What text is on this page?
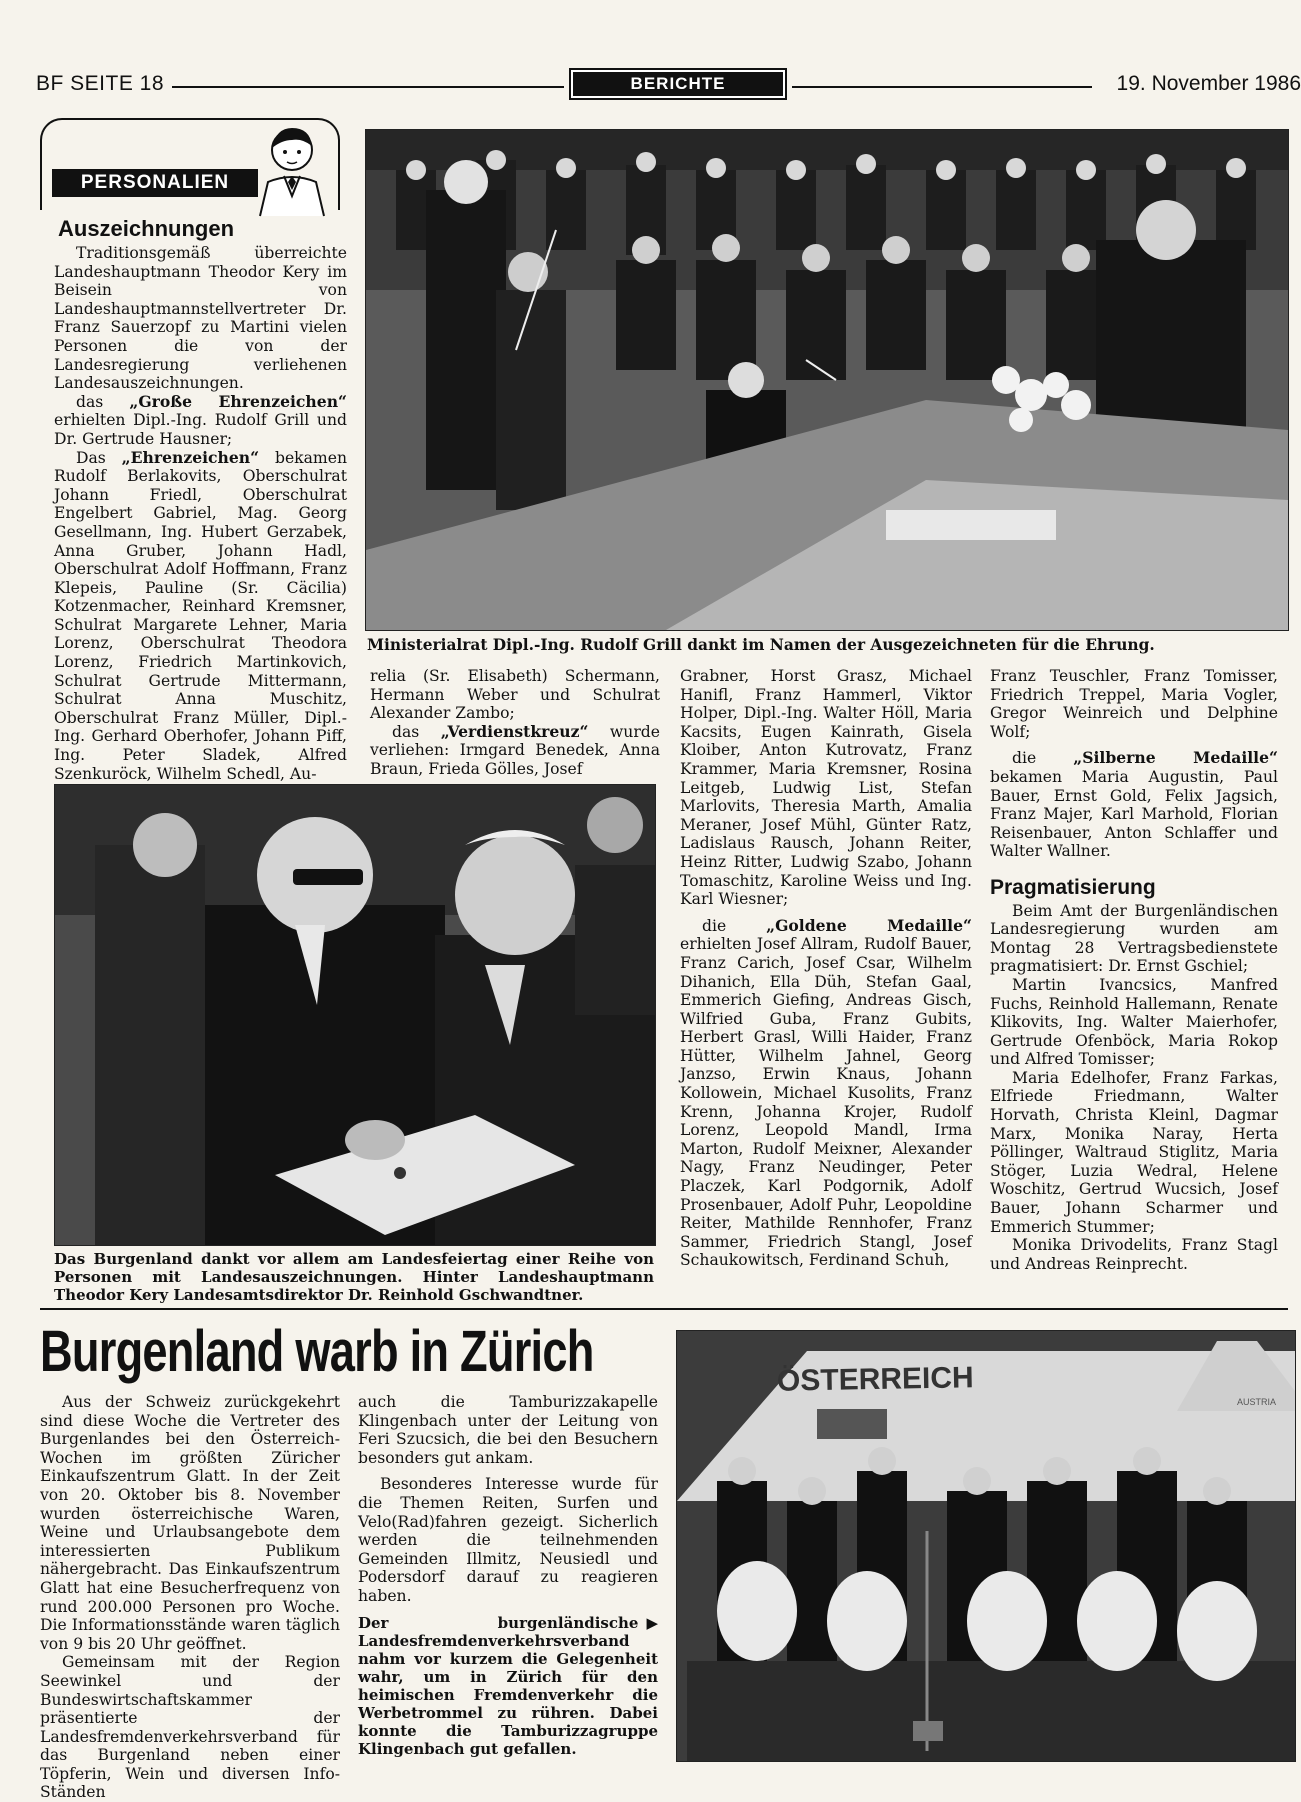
BF SEITE 18	BERICHTE	19. November 1986
PERSONALIEN
Auszeichnungen

Traditionsgemäß überreichte Landeshauptmann Theodor Kery im Beisein von Landeshauptmannstellvertreter Dr. Franz Sauerzopf zu Martini vielen Personen die von der Landesregierung verliehenen Landesauszeichnungen.

das „Große Ehrenzeichen“ erhielten Dipl.-Ing. Rudolf Grill und Dr. Gertrude Hausner;

Das „Ehrenzeichen“ bekamen Rudolf Berlakovits, Oberschulrat Johann Friedl, Oberschulrat Engelbert Gabriel, Mag. Georg Gesellmann, Ing. Hubert Gerzabek, Anna Gruber, Johann Hadl, Oberschulrat Adolf Hoffmann, Franz Klepeis, Pauline (Sr. Cäcilia) Kotzenmacher, Reinhard Kremsner, Schulrat Margarete Lehner, Maria Lorenz, Oberschulrat Theodora Lorenz, Friedrich Martinkovich, Schulrat Gertrude Mittermann, Schulrat Anna Muschitz, Oberschulrat Franz Müller, Dipl.-Ing. Gerhard Oberhofer, Johann Piff, Ing. Peter Sladek, Alfred Szenkuröck, Wilhelm Schedl, Au-

Ministerialrat Dipl.-Ing. Rudolf Grill dankt im Namen der Ausgezeichneten für die Ehrung.

relia (Sr. Elisabeth) Schermann, Hermann Weber und Schulrat Alexander Zambo;

das „Verdienstkreuz“ wurde verliehen: Irmgard Benedek, Anna Braun, Frieda Gölles, Josef

Grabner, Horst Grasz, Michael Hanifl, Franz Hammerl, Viktor Holper, Dipl.-Ing. Walter Höll, Maria Kacsits, Eugen Kainrath, Gisela Kloiber, Anton Kutrovatz, Franz Krammer, Maria Kremsner, Rosina Leitgeb, Ludwig List, Stefan Marlovits, Theresia Marth, Amalia Meraner, Josef Mühl, Günter Ratz, Ladislaus Rausch, Johann Reiter, Heinz Ritter, Ludwig Szabo, Johann Tomaschitz, Karoline Weiss und Ing. Karl Wiesner;

die „Goldene Medaille“ erhielten Josef Allram, Rudolf Bauer, Franz Carich, Josef Csar, Wilhelm Dihanich, Ella Düh, Stefan Gaal, Emmerich Giefing, Andreas Gisch, Wilfried Guba, Franz Gubits, Herbert Grasl, Willi Haider, Franz Hütter, Wilhelm Jahnel, Georg Janzso, Erwin Knaus, Johann Kollowein, Michael Kusolits, Franz Krenn, Johanna Krojer, Rudolf Lorenz, Leopold Mandl, Irma Marton, Rudolf Meixner, Alexander Nagy, Franz Neudinger, Peter Placzek, Karl Podgornik, Adolf Prosenbauer, Adolf Puhr, Leopoldine Reiter, Mathilde Rennhofer, Franz Sammer, Friedrich Stangl, Josef Schaukowitsch, Ferdinand Schuh,

Franz Teuschler, Franz Tomisser, Friedrich Treppel, Maria Vogler, Gregor Weinreich und Delphine Wolf;

die „Silberne Medaille“ bekamen Maria Augustin, Paul Bauer, Ernst Gold, Felix Jagsich, Franz Majer, Karl Marhold, Florian Reisenbauer, Anton Schlaffer und Walter Wallner.

Pragmatisierung

Beim Amt der Burgenländischen Landesregierung wurden am Montag 28 Vertragsbedienstete pragmatisiert: Dr. Ernst Gschiel;

Martin Ivancsics, Manfred Fuchs, Reinhold Hallemann, Renate Klikovits, Ing. Walter Maierhofer, Gertrude Ofenböck, Maria Rokop und Alfred Tomisser;

Maria Edelhofer, Franz Farkas, Elfriede Friedmann, Walter Horvath, Christa Kleinl, Dagmar Marx, Monika Naray, Herta Pöllinger, Waltraud Stiglitz, Maria Stöger, Luzia Wedral, Helene Woschitz, Gertrud Wucsich, Josef Bauer, Johann Scharmer und Emmerich Stummer;

Monika Drivodelits, Franz Stagl und Andreas Reinprecht.

Das Burgenland dankt vor allem am Landesfeiertag einer Reihe von Personen mit Landesauszeichnungen. Hinter Landeshauptmann Theodor Kery Landesamtsdirektor Dr. Reinhold Gschwandtner.
Burgenland warb in Zürich

Aus der Schweiz zurückgekehrt sind diese Woche die Vertreter des Burgenlandes bei den Österreich-Wochen im größten Züricher Einkaufszentrum Glatt. In der Zeit von 20. Oktober bis 8. November wurden österreichische Waren, Weine und Urlaubsangebote dem interessierten Publikum nähergebracht. Das Einkaufszentrum Glatt hat eine Besucherfrequenz von rund 200.000 Personen pro Woche. Die Informationsstände waren täglich von 9 bis 20 Uhr geöffnet.

Gemeinsam mit der Region Seewinkel und der Bundeswirtschaftskammer präsentierte der Landesfremdenverkehrsverband für das Burgenland neben einer Töpferin, Wein und diversen Info-Ständen

auch die Tamburizzakapelle Klingenbach unter der Leitung von Feri Szucsich, die bei den Besuchern besonders gut ankam.

Besonderes Interesse wurde für die Themen Reiten, Surfen und Velo(Rad)fahren gezeigt. Sicherlich werden die teilnehmenden Gemeinden Illmitz, Neusiedl und Podersdorf darauf zu reagieren haben.

▶
Der burgenländische Landesfremdenverkehrsverband nahm vor kurzem die Gelegenheit wahr, um in Zürich für den heimischen Fremdenverkehr die Werbetrommel zu rühren. Dabei konnte die Tamburizzagruppe Klingenbach gut gefallen.
ÖSTERREICH
AUSTRIA
